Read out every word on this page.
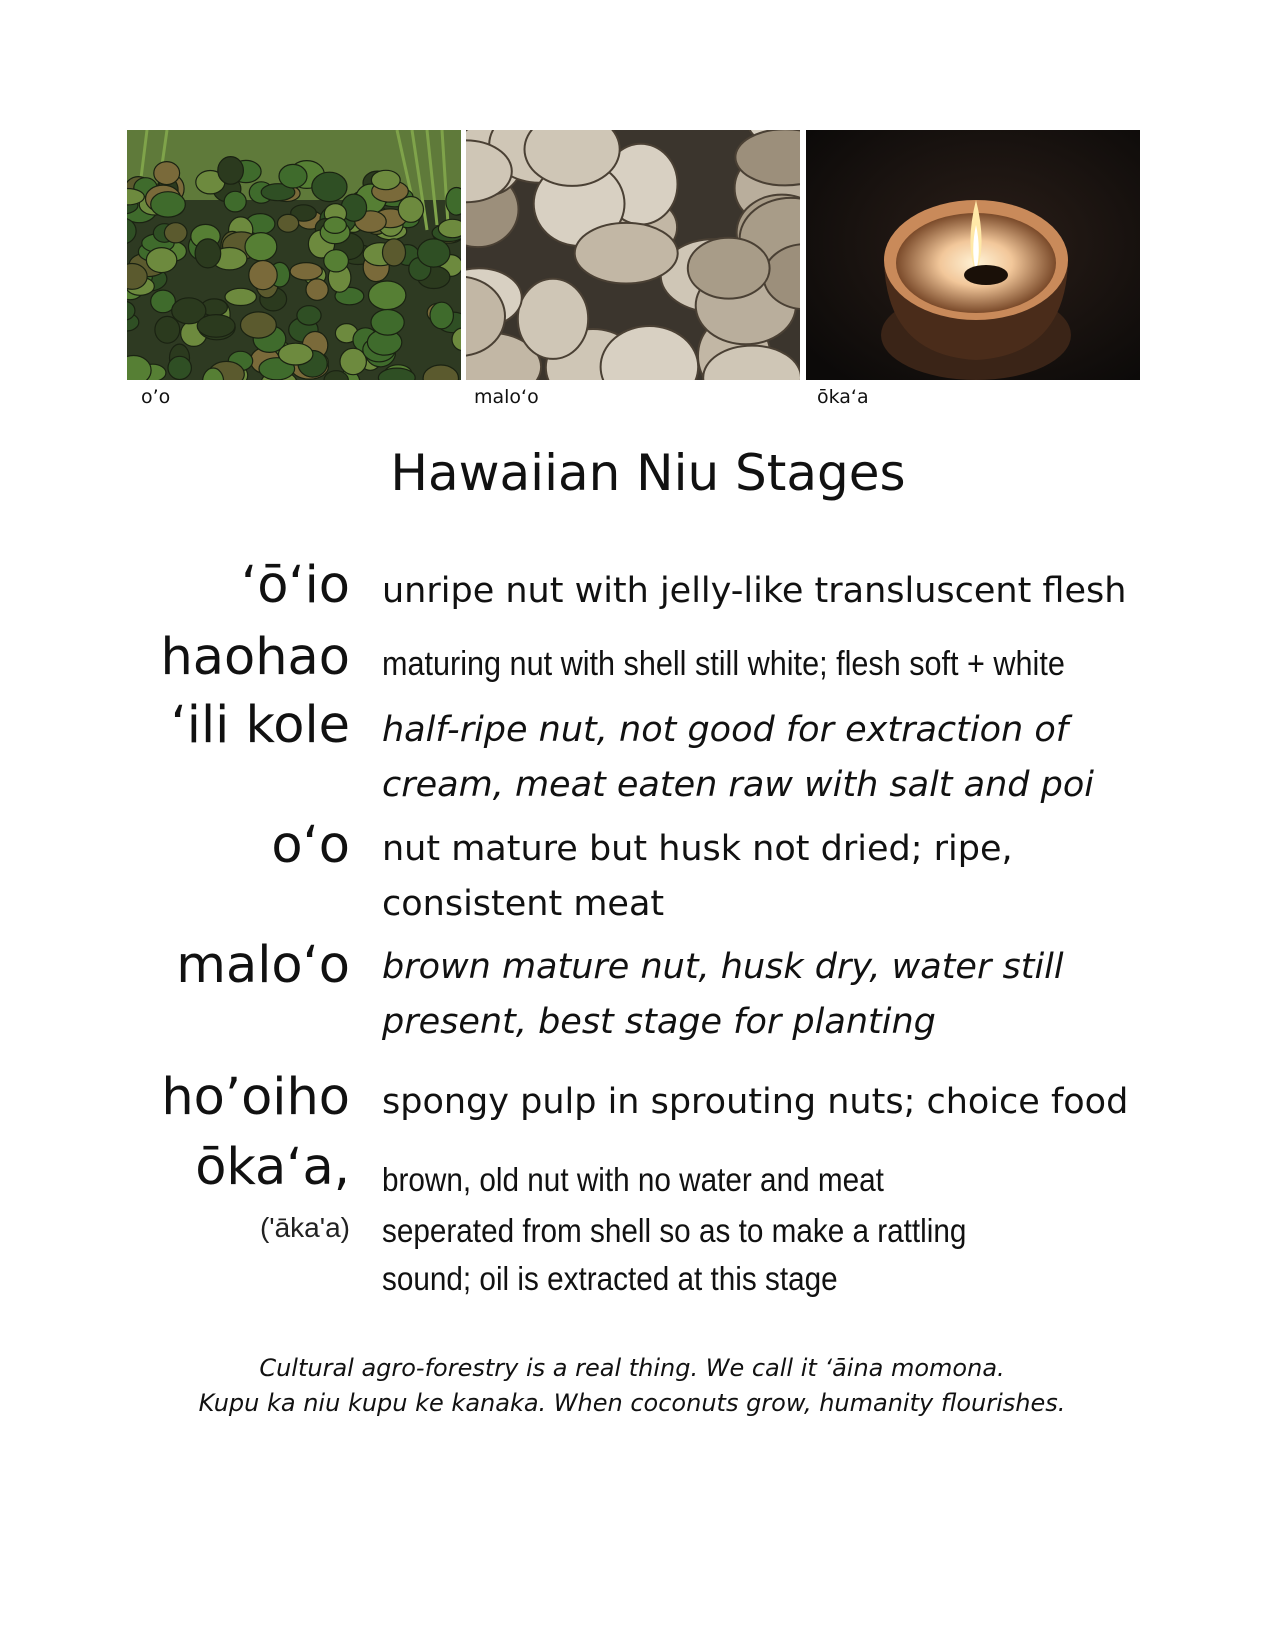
o’o	malo‘o	ōka‘a
Hawaiian Niu Stages
‘ō‘io unripe nut with jelly-like transluscent flesh
haohao maturing nut with shell still white; flesh soft + white
‘ili kole half-ripe nut, not good for extraction of
cream, meat eaten raw with salt and poi
o‘o nut mature but husk not dried; ripe,
consistent meat
malo‘o brown mature nut, husk dry, water still
present, best stage for planting
ho’oiho spongy pulp in sprouting nuts; choice food
ōka‘a,
('āka'a)
brown, old nut with no water and meat
seperated from shell so as to make a rattling
sound; oil is extracted at this stage
Cultural agro-forestry is a real thing. We call it ‘āina momona.
Kupu ka niu kupu ke kanaka. When coconuts grow, humanity flourishes.
